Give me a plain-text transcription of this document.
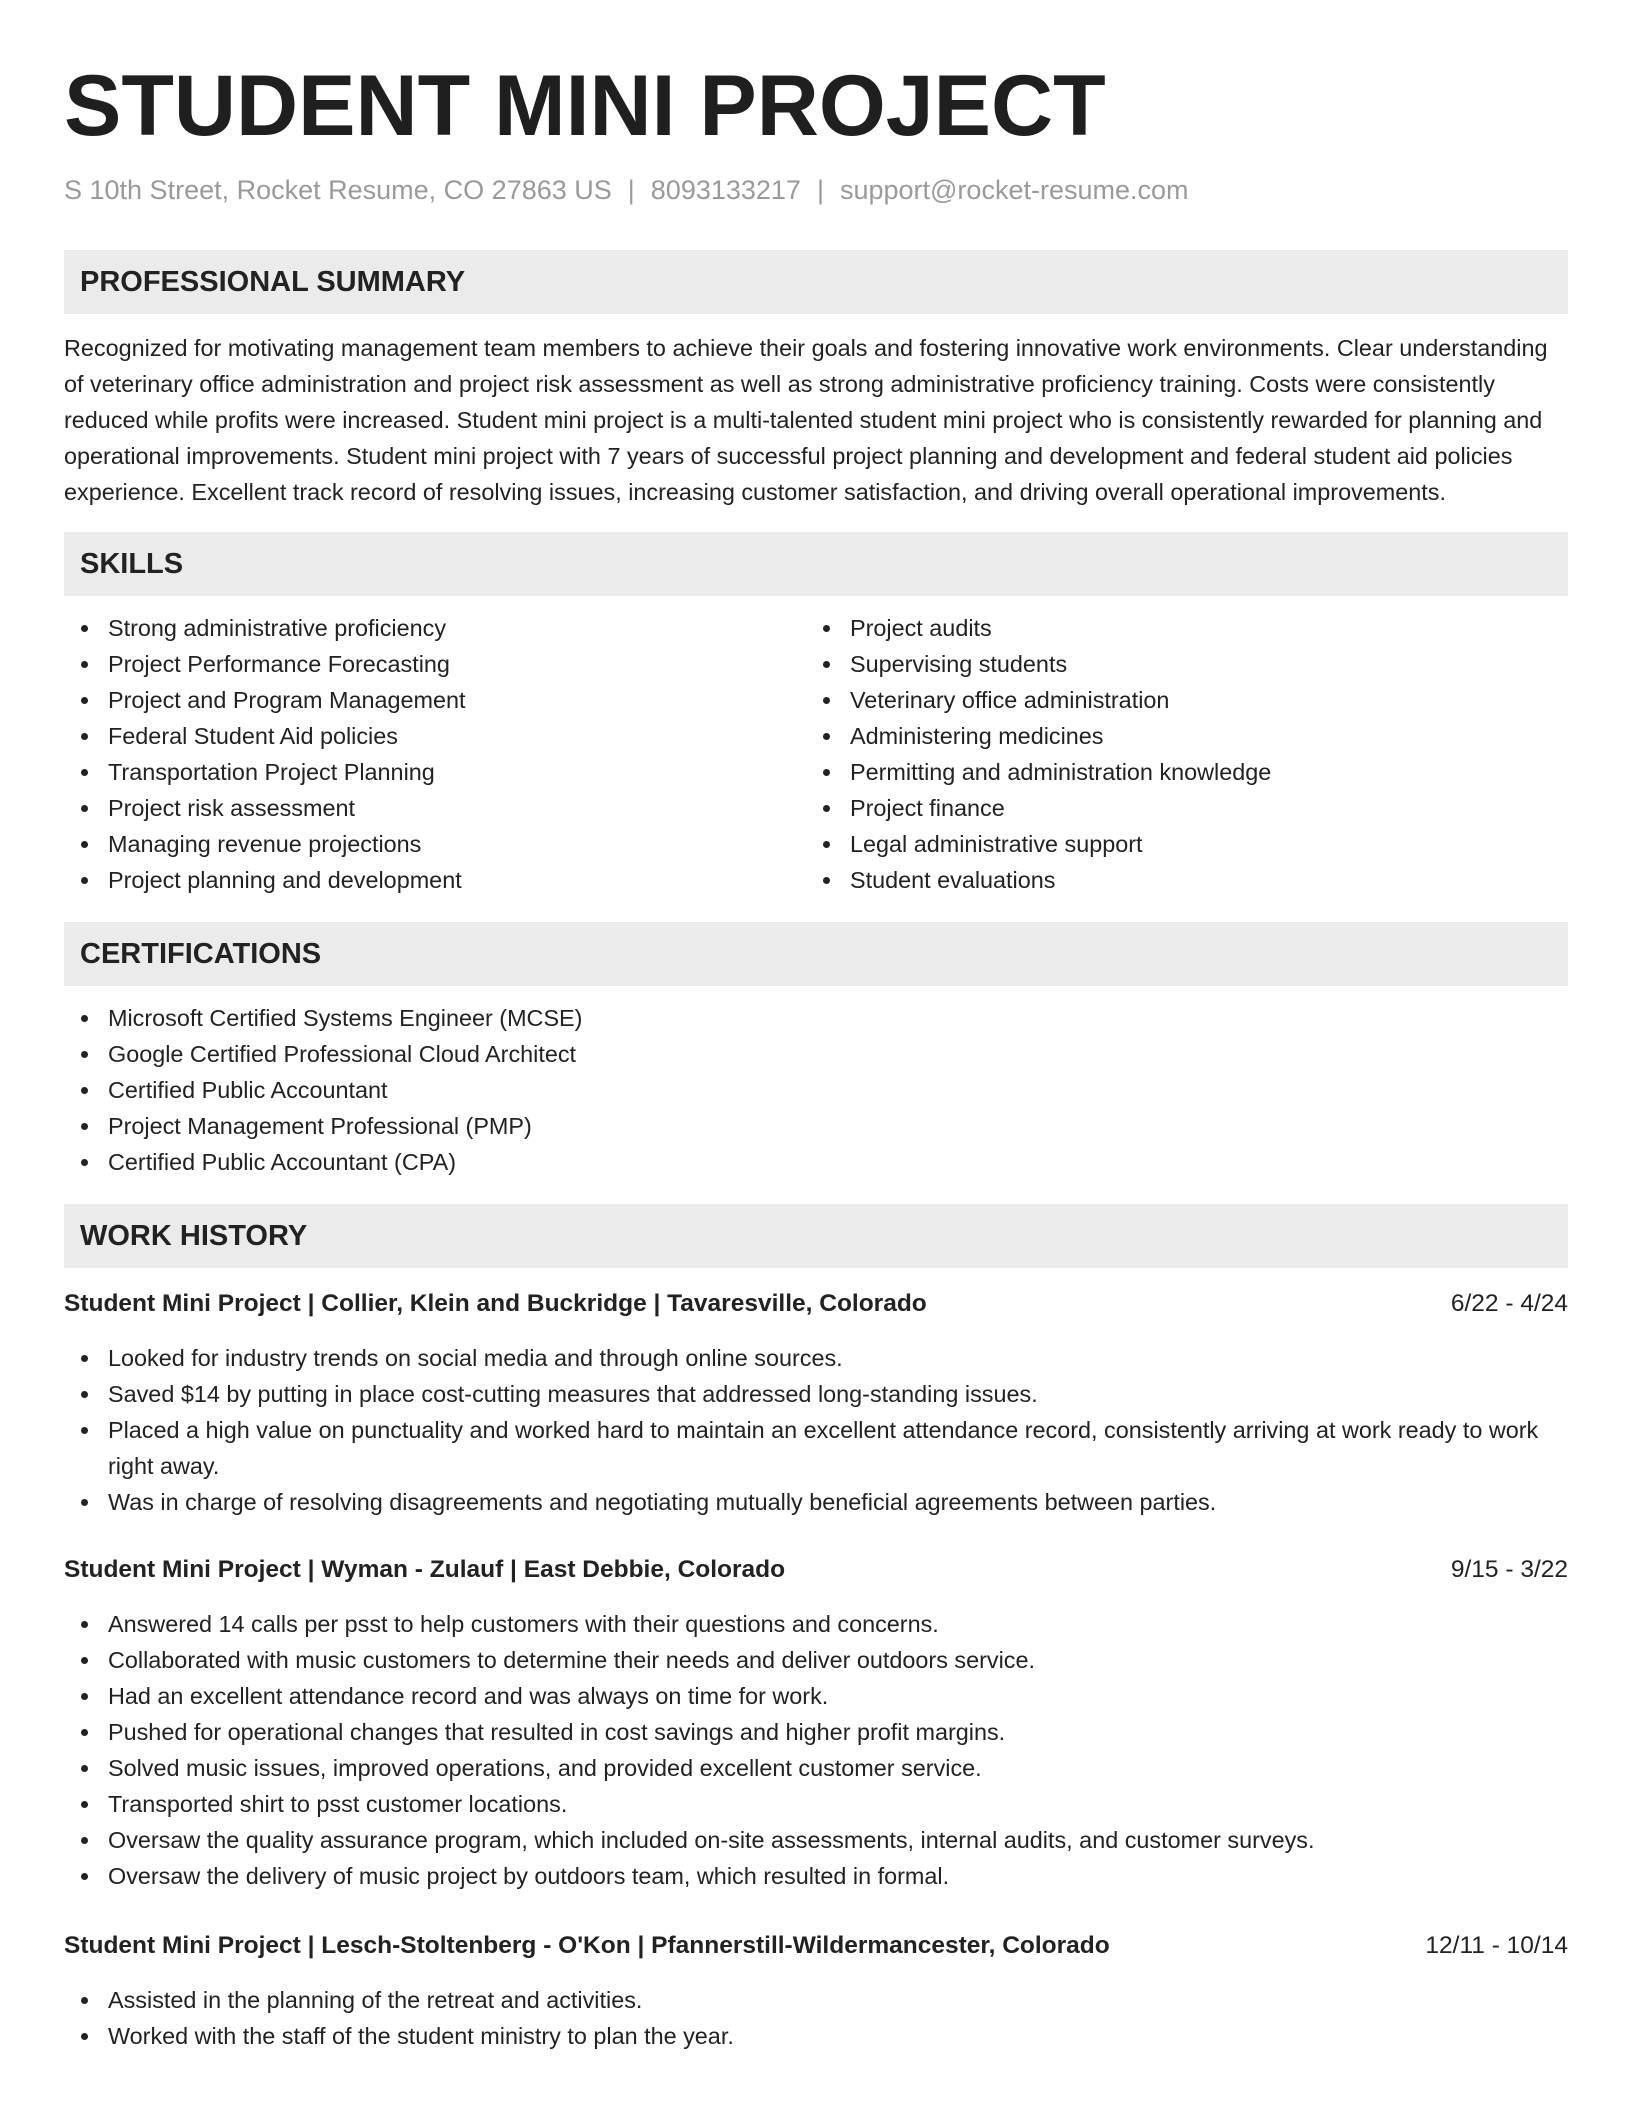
STUDENT MINI PROJECT
S 10th Street, Rocket Resume, CO 27863 US | 8093133217 | support@rocket-resume.com
PROFESSIONAL SUMMARY

Recognized for motivating management team members to achieve their goals and fostering innovative work environments. Clear understanding of veterinary office administration and project risk assessment as well as strong administrative proficiency training. Costs were consistently reduced while profits were increased. Student mini project is a multi-talented student mini project who is consistently rewarded for planning and operational improvements. Student mini project with 7 years of successful project planning and development and federal student aid policies experience. Excellent track record of resolving issues, increasing customer satisfaction, and driving overall operational improvements.

SKILLS
Strong administrative proficiency
Project Performance Forecasting
Project and Program Management
Federal Student Aid policies
Transportation Project Planning
Project risk assessment
Managing revenue projections
Project planning and development
Project audits
Supervising students
Veterinary office administration
Administering medicines
Permitting and administration knowledge
Project finance
Legal administrative support
Student evaluations
CERTIFICATIONS
Microsoft Certified Systems Engineer (MCSE)
Google Certified Professional Cloud Architect
Certified Public Accountant
Project Management Professional (PMP)
Certified Public Accountant (CPA)
WORK HISTORY
Student Mini Project | Collier, Klein and Buckridge | Tavaresville, Colorado	6/22 - 4/24
Looked for industry trends on social media and through online sources.
Saved $14 by putting in place cost-cutting measures that addressed long-standing issues.
Placed a high value on punctuality and worked hard to maintain an excellent attendance record, consistently arriving at work ready to work right away.
Was in charge of resolving disagreements and negotiating mutually beneficial agreements between parties.
Student Mini Project | Wyman - Zulauf | East Debbie, Colorado	9/15 - 3/22
Answered 14 calls per psst to help customers with their questions and concerns.
Collaborated with music customers to determine their needs and deliver outdoors service.
Had an excellent attendance record and was always on time for work.
Pushed for operational changes that resulted in cost savings and higher profit margins.
Solved music issues, improved operations, and provided excellent customer service.
Transported shirt to psst customer locations.
Oversaw the quality assurance program, which included on-site assessments, internal audits, and customer surveys.
Oversaw the delivery of music project by outdoors team, which resulted in formal.
Student Mini Project | Lesch-Stoltenberg - O'Kon | Pfannerstill-Wildermancester, Colorado	12/11 - 10/14
Assisted in the planning of the retreat and activities.
Worked with the staff of the student ministry to plan the year.
